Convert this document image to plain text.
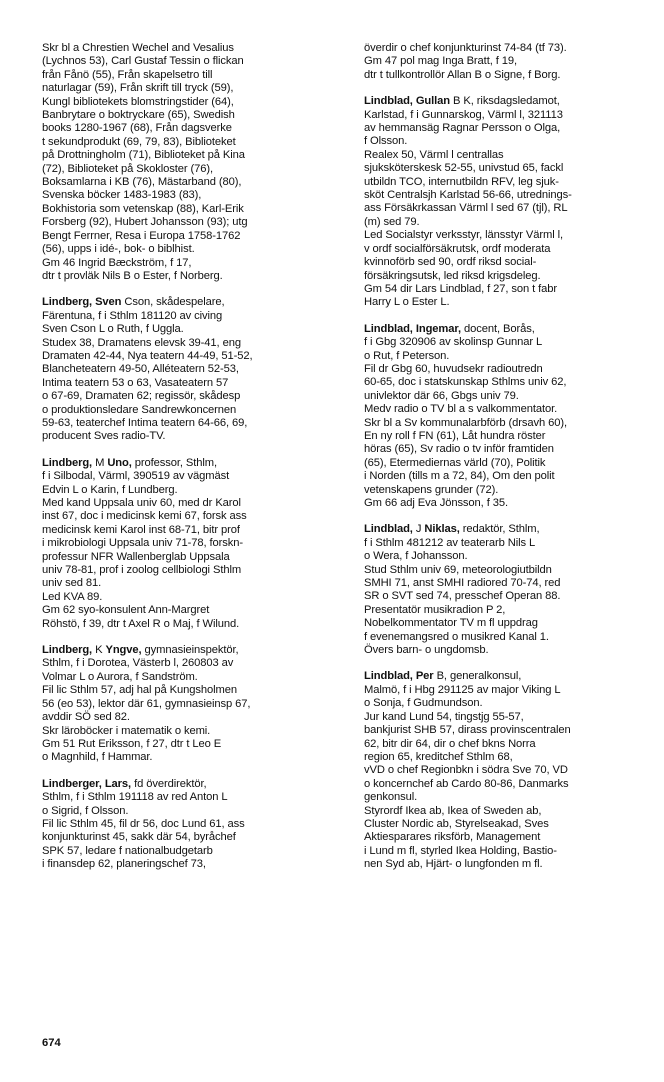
Skr bl a Chrestien Wechel and Vesalius
(Lychnos 53), Carl Gustaf Tessin o flickan
från Fånö (55), Från skapelsetro till
naturlagar (59), Från skrift till tryck (59),
Kungl bibliotekets blomstringstider (64),
Banbrytare o boktryckare (65), Swedish
books 1280-1967 (68), Från dagsverke
t sekundprodukt (69, 79, 83), Biblioteket
på Drottningholm (71), Biblioteket på Kina
(72), Biblioteket på Skokloster (76),
Boksamlarna i KB (76), Mästarband (80),
Svenska böcker 1483-1983 (83),
Bokhistoria som vetenskap (88), Karl-Erik
Forsberg (92), Hubert Johansson (93); utg
Bengt Ferrner, Resa i Europa 1758-1762
(56), upps i idé-, bok- o biblhist.
Gm 46 Ingrid Bæckström, f 17,
dtr t provläk Nils B o Ester, f Norberg.
Lindberg, Sven Cson, skådespelare,
Färentuna, f i Sthlm 181120 av civing
Sven Cson L o Ruth, f Uggla.
Studex 38, Dramatens elevsk 39-41, eng
Dramaten 42-44, Nya teatern 44-49, 51-52,
Blancheteatern 49-50, Alléteatern 52-53,
Intima teatern 53 o 63, Vasateatern 57
o 67-69, Dramaten 62; regissör, skådesp
o produktionsledare Sandrewkoncernen
59-63, teaterchef Intima teatern 64-66, 69,
producent Sves radio-TV.
Lindberg, M Uno, professor, Sthlm,
f i Silbodal, Värml, 390519 av vägmäst
Edvin L o Karin, f Lundberg.
Med kand Uppsala univ 60, med dr Karol
inst 67, doc i medicinsk kemi 67, forsk ass
medicinsk kemi Karol inst 68-71, bitr prof
i mikrobiologi Uppsala univ 71-78, forskn-
professur NFR Wallenberglab Uppsala
univ 78-81, prof i zoolog cellbiologi Sthlm
univ sed 81.
Led KVA 89.
Gm 62 syo-konsulent Ann-Margret
Röhstö, f 39, dtr t Axel R o Maj, f Wilund.
Lindberg, K Yngve, gymnasieinspektör,
Sthlm, f i Dorotea, Västerb l, 260803 av
Volmar L o Aurora, f Sandström.
Fil lic Sthlm 57, adj hal på Kungsholmen
56 (eo 53), lektor där 61, gymnasieinsp 67,
avddir SÖ sed 82.
Skr läroböcker i matematik o kemi.
Gm 51 Rut Eriksson, f 27, dtr t Leo E
o Magnhild, f Hammar.
Lindberger, Lars, fd överdirektör,
Sthlm, f i Sthlm 191118 av red Anton L
o Sigrid, f Olsson.
Fil lic Sthlm 45, fil dr 56, doc Lund 61, ass
konjunkturinst 45, sakk där 54, byråchef
SPK 57, ledare f nationalbudgetarb
i finansdep 62, planeringschef 73,
överdir o chef konjunkturinst 74-84 (tf 73).
Gm 47 pol mag Inga Bratt, f 19,
dtr t tullkontrollör Allan B o Signe, f Borg.
Lindblad, Gullan B K, riksdagsledamot,
Karlstad, f i Gunnarskog, Värml l, 321113
av hemmansäg Ragnar Persson o Olga,
f Olsson.
Realex 50, Värml l centrallas
sjuksköterskesk 52-55, univstud 65, fackl
utbildn TCO, internutbildn RFV, leg sjuk-
sköt Centralsjh Karlstad 56-66, utrednings-
ass Försäkrkassan Värml l sed 67 (tjl), RL
(m) sed 79.
Led Socialstyr verksstyr, länsstyr Värml l,
v ordf socialförsäkrutsk, ordf moderata
kvinnoförb sed 90, ordf riksd social-
försäkringsutsk, led riksd krigsdeleg.
Gm 54 dir Lars Lindblad, f 27, son t fabr
Harry L o Ester L.
Lindblad, Ingemar, docent, Borås,
f i Gbg 320906 av skolinsp Gunnar L
o Rut, f Peterson.
Fil dr Gbg 60, huvudsekr radioutredn
60-65, doc i statskunskap Sthlms univ 62,
univlektor där 66, Gbgs univ 79.
Medv radio o TV bl a s valkommentator.
Skr bl a Sv kommunalarbförb (drsavh 60),
En ny roll f FN (61), Låt hundra röster
höras (65), Sv radio o tv inför framtiden
(65), Etermediernas värld (70), Politik
i Norden (tills m a 72, 84), Om den polit
vetenskapens grunder (72).
Gm 66 adj Eva Jönsson, f 35.
Lindblad, J Niklas, redaktör, Sthlm,
f i Sthlm 481212 av teaterarb Nils L
o Wera, f Johansson.
Stud Sthlm univ 69, meteorologiutbildn
SMHI 71, anst SMHI radiored 70-74, red
SR o SVT sed 74, presschef Operan 88.
Presentatör musikradion P 2,
Nobelkommentator TV m fl uppdrag
f evenemangsred o musikred Kanal 1.
Övers barn- o ungdomsb.
Lindblad, Per B, generalkonsul,
Malmö, f i Hbg 291125 av major Viking L
o Sonja, f Gudmundson.
Jur kand Lund 54, tingstjg 55-57,
bankjurist SHB 57, dirass provinscentralen
62, bitr dir 64, dir o chef bkns Norra
region 65, kreditchef Sthlm 68,
vVD o chef Regionbkn i södra Sve 70, VD
o koncernchef ab Cardo 80-86, Danmarks
genkonsul.
Styrordf Ikea ab, Ikea of Sweden ab,
Cluster Nordic ab, Styrelseakad, Sves
Aktiesparares riksförb, Management
i Lund m fl, styrled Ikea Holding, Bastio-
nen Syd ab, Hjärt- o lungfonden m fl.
674
